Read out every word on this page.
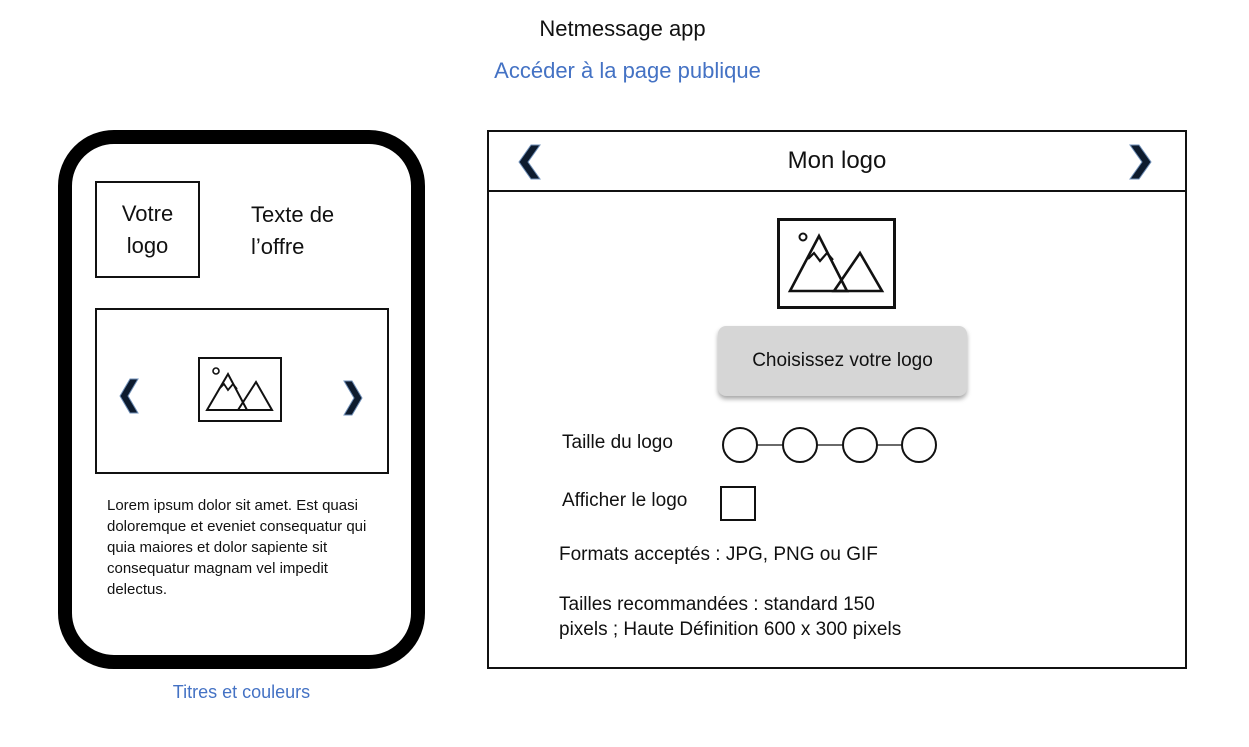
Netmessage app
Accéder à la page publique
Votre logo
Texte de l’offre
Lorem ipsum dolor sit amet. Est quasi doloremque et eveniet consequatur qui quia maiores et dolor sapiente sit consequatur magnam vel impedit delectus.
Titres et couleurs
Mon logo
Choisissez votre logo
Taille du logo
Afficher le logo
Formats acceptés : JPG, PNG ou GIF
Tailles recommandées : standard 150 pixels ; Haute Définition 600 x 300 pixels
